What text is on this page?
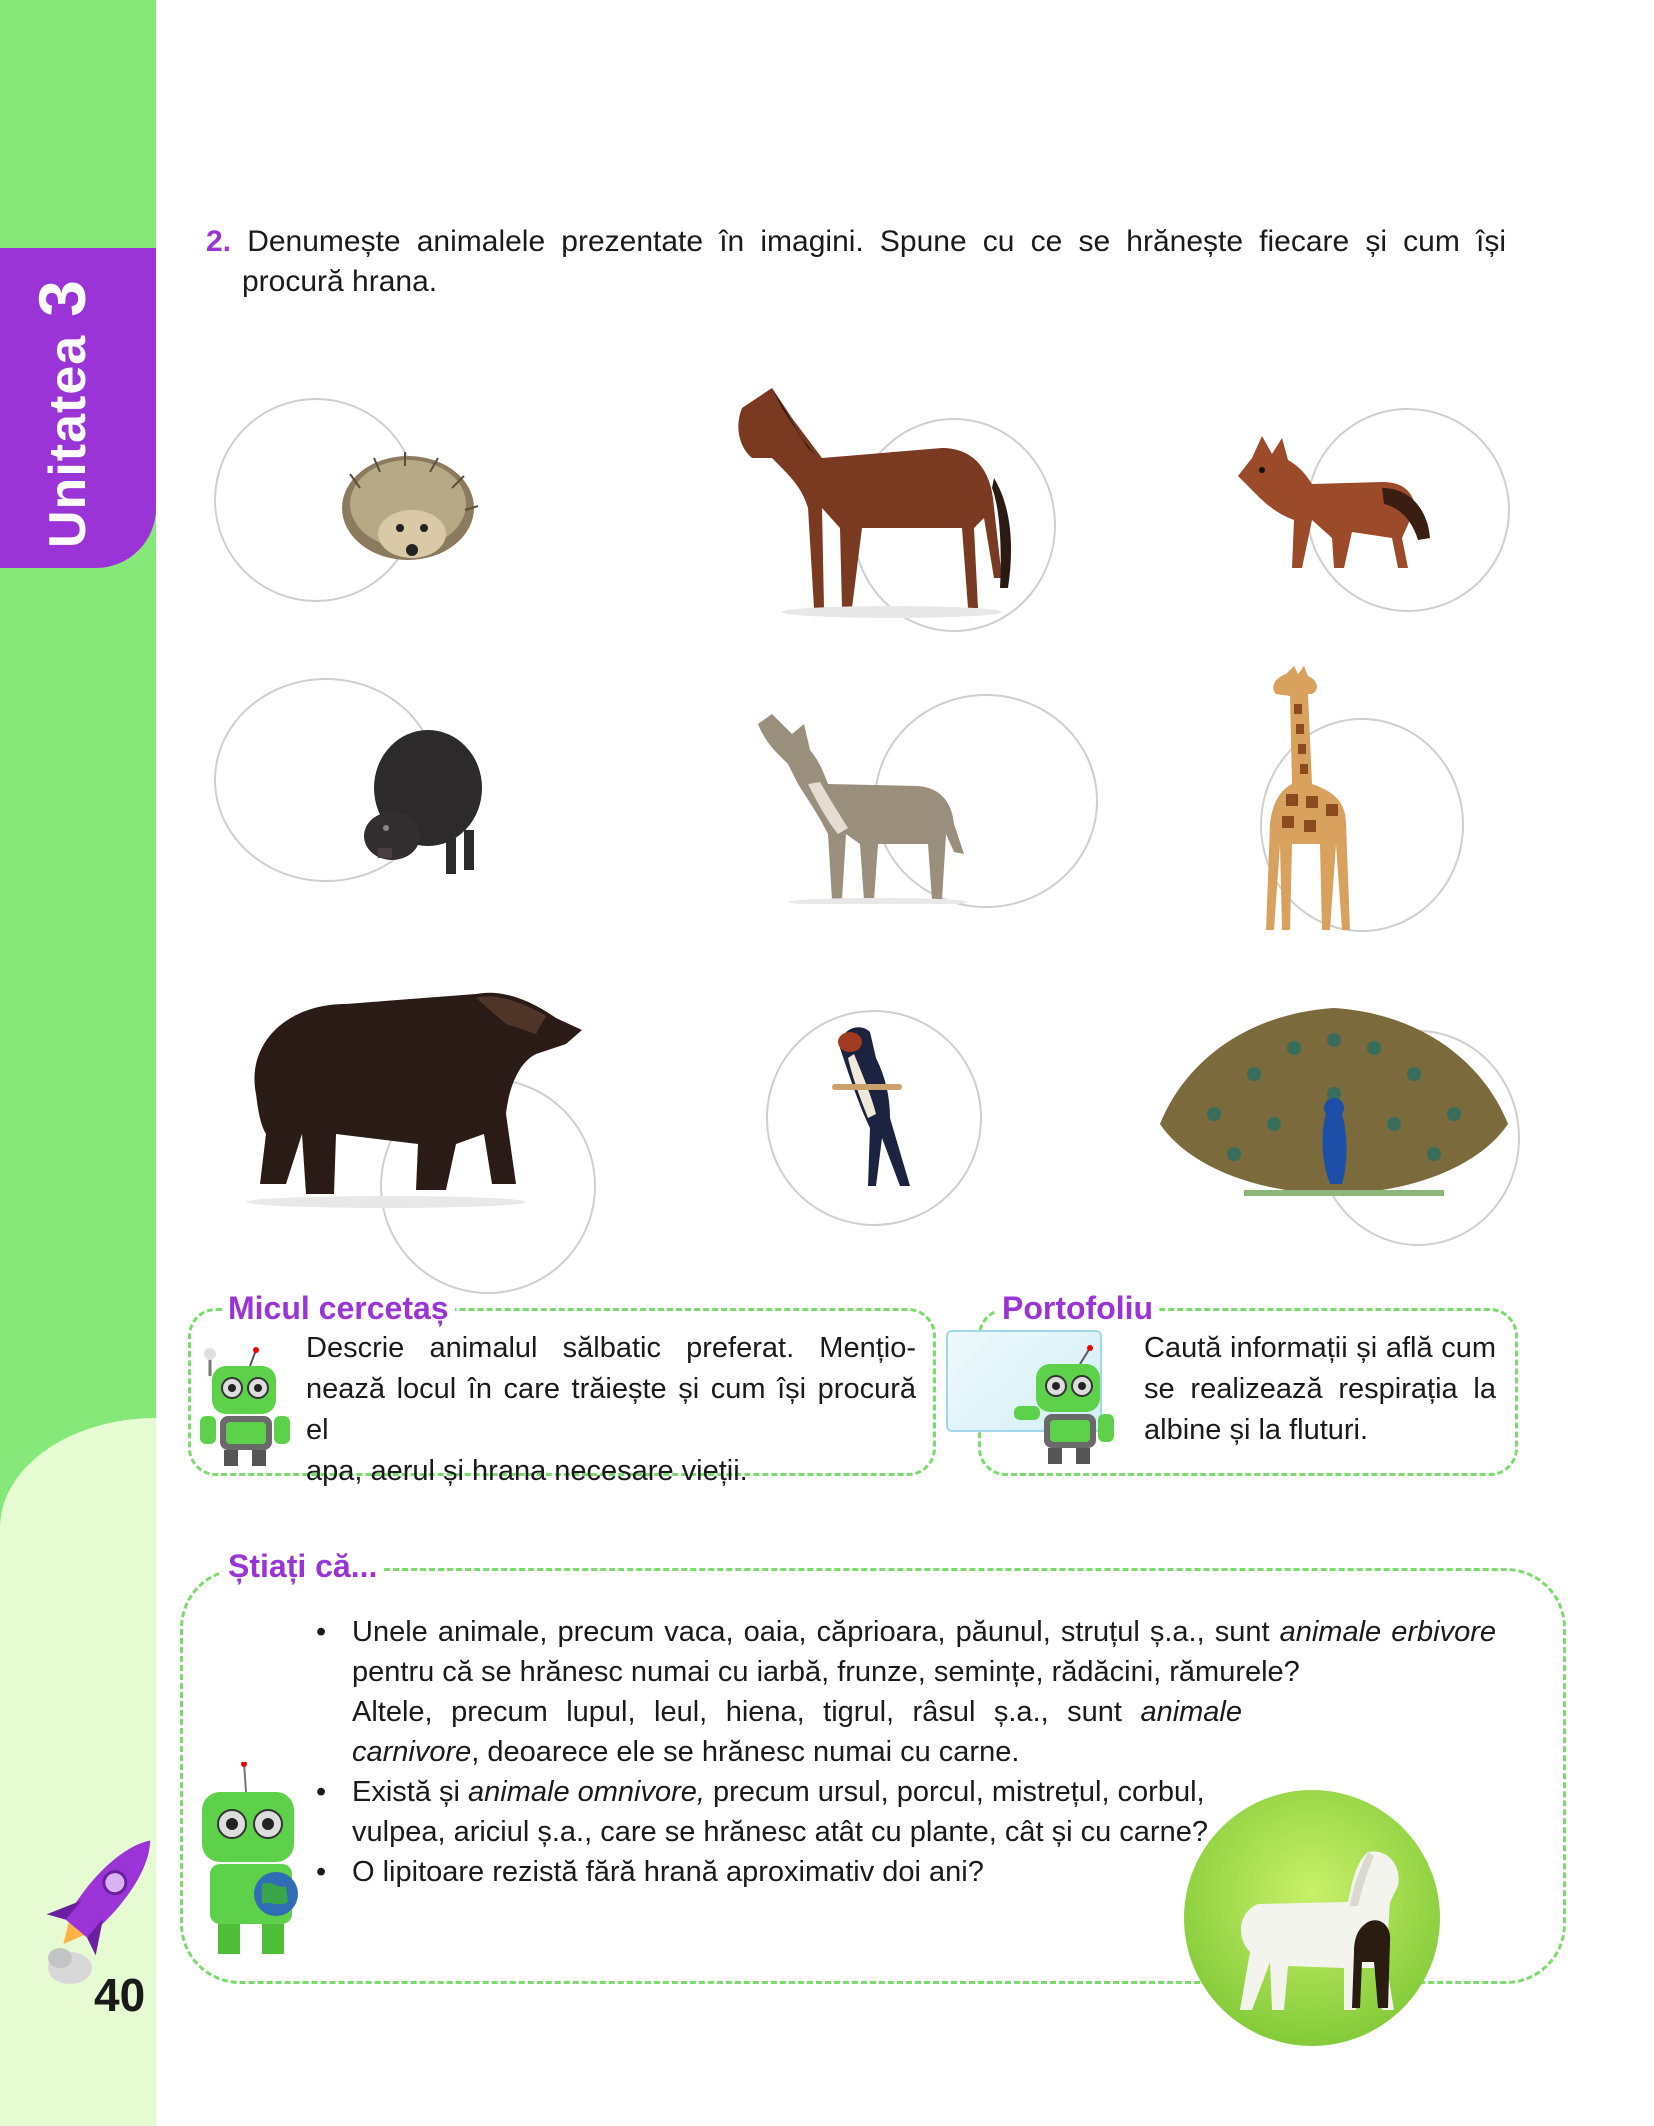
Unitatea3
40
2. Denumește animalele prezentate în imagini. Spune cu ce se hrănește fiecare și cum își
procură hrana.
Micul cercetaș
Descrie animalul sălbatic preferat. Mențio-
nează locul în care trăiește și cum își procură el
apa, aerul și hrana necesare vieții.
Portofoliu
Caută informații și află cum
se realizează respirația la
albine și la fluturi.
Știați că...
• Unele animale, precum vaca, oaia, căprioara, păunul, struțul ș.a., sunt animale erbivore pentru că se hrănesc numai cu iarbă, frunze, semințe, rădăcini, rămurele?
Altele, precum lupul, leul, hiena, tigrul, râsul ș.a., sunt animale carnivore, deoarece ele se hrănesc numai cu carne.
• Există și animale omnivore, precum ursul, porcul, mistrețul, corbul, vulpea, ariciul ș.a., care se hrănesc atât cu plante, cât și cu carne?
• O lipitoare rezistă fără hrană aproximativ doi ani?
